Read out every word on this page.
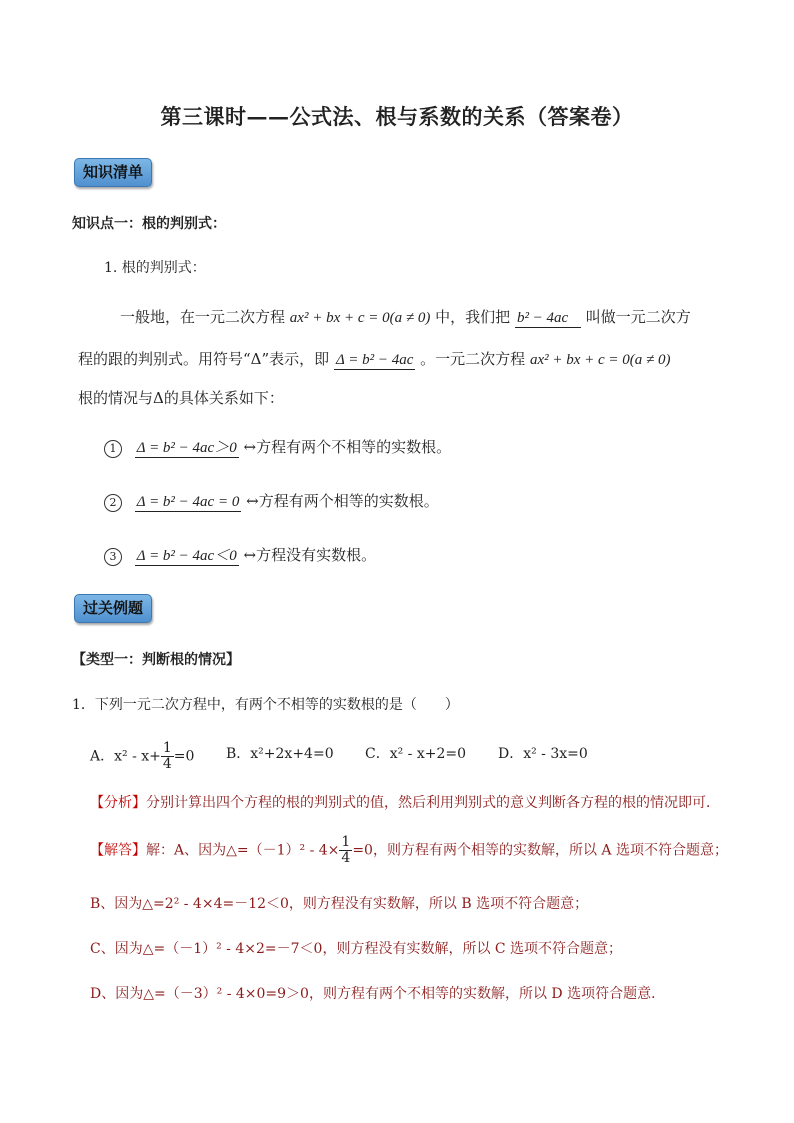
第三课时——公式法、根与系数的关系（答案卷）
知识清单
知识点一：根的判别式：
1. 根的判别式：
一般地，在一元二次方程 ax² + bx + c = 0(a ≠ 0) 中，我们把 b² − 4ac 叫做一元二次方
程的跟的判别式。用符号“Δ”表示，即 Δ = b² − 4ac 。一元二次方程 ax² + bx + c = 0(a ≠ 0)
根的情况与Δ的具体关系如下：
1 Δ = b² − 4ac＞0 ↔方程有两个不相等的实数根。
2 Δ = b² − 4ac = 0 ↔方程有两个相等的实数根。
3 Δ = b² − 4ac＜0 ↔方程没有实数根。
过关例题
【类型一：判断根的情况】
1．下列一元二次方程中，有两个不相等的实数根的是（　　）
A．$x^2 - x+ \frac{1}{4} =0$ B．x²+2x+4=0 C．x² - x+2=0 D．x² - 3x=0
【分析】分别计算出四个方程的根的判别式的值，然后利用判别式的意义判断各方程的根的情况即可．
【解答】解：A、因为△=（－1）² - $4\times \frac{1}{4} =0$，则方程有两个相等的实数解，所以 A 选项不符合题意；
B、因为△=2² - 4×4=－12＜0，则方程没有实数解，所以 B 选项不符合题意；
C、因为△=（－1）² - 4×2=－7＜0，则方程没有实数解，所以 C 选项不符合题意；
D、因为△=（－3）² - 4×0=9＞0，则方程有两个不相等的实数解，所以 D 选项符合题意．
